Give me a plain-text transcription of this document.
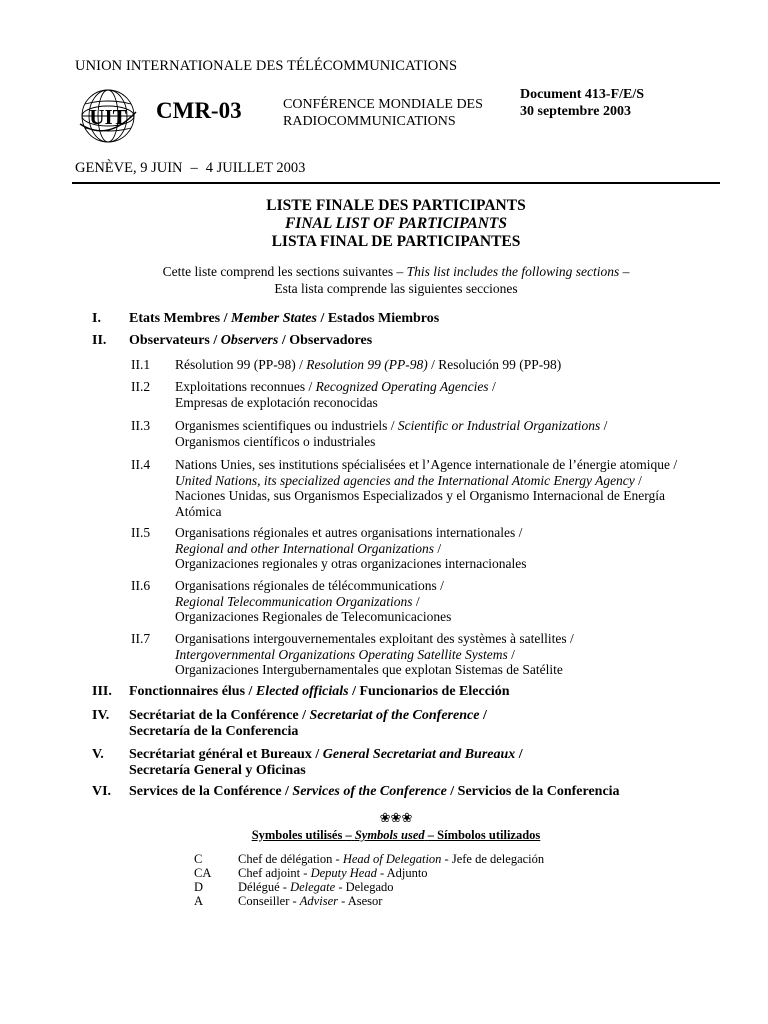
UNION INTERNATIONALE DES TÉLÉCOMMUNICATIONS
UIT CMR-03	CONFÉRENCE MONDIALE DES
RADIOCOMMUNICATIONS
Document 413-F/E/S
30 septembre 2003
GENÈVE, 9 JUIN – 4 JUILLET 2003
LISTE FINALE DES PARTICIPANTS
FINAL LIST OF PARTICIPANTS
LISTA FINAL DE PARTICIPANTES
Cette liste comprend les sections suivantes – This list includes the following sections –
Esta lista comprende las siguientes secciones
I. Etats Membres / Member States / Estados Miembros
II. Observateurs / Observers / Observadores
II.1 Résolution 99 (PP-98) / Resolution 99 (PP-98) / Resolución 99 (PP-98)
II.2 Exploitations reconnues / Recognized Operating Agencies /
Empresas de explotación reconocidas
II.3 Organismes scientifiques ou industriels / Scientific or Industrial Organizations /
Organismos científicos o industriales
II.4 Nations Unies, ses institutions spécialisées et l’Agence internationale de l’énergie atomique /
United Nations, its specialized agencies and the International Atomic Energy Agency /
Naciones Unidas, sus Organismos Especializados y el Organismo Internacional de Energía
Atómica
II.5 Organisations régionales et autres organisations internationales /
Regional and other International Organizations /
Organizaciones regionales y otras organizaciones internacionales
II.6 Organisations régionales de télécommunications /
Regional Telecommunication Organizations /
Organizaciones Regionales de Telecomunicaciones
II.7 Organisations intergouvernementales exploitant des systèmes à satellites /
Intergovernmental Organizations Operating Satellite Systems /
Organizaciones Intergubernamentales que explotan Sistemas de Satélite
III. Fonctionnaires élus / Elected officials / Funcionarios de Elección
IV. Secrétariat de la Conférence / Secretariat of the Conference /
Secretaría de la Conferencia
V. Secrétariat général et Bureaux / General Secretariat and Bureaux /
Secretaría General y Oficinas
VI. Services de la Conférence / Services of the Conference / Servicios de la Conferencia
❀❀❀
Symboles utilisés – Symbols used – Símbolos utilizados
C	Chef de délégation - Head of Delegation - Jefe de delegación
CA Chef adjoint - Deputy Head - Adjunto
D	Délégué - Delegate - Delegado
A	Conseiller - Adviser - Asesor
